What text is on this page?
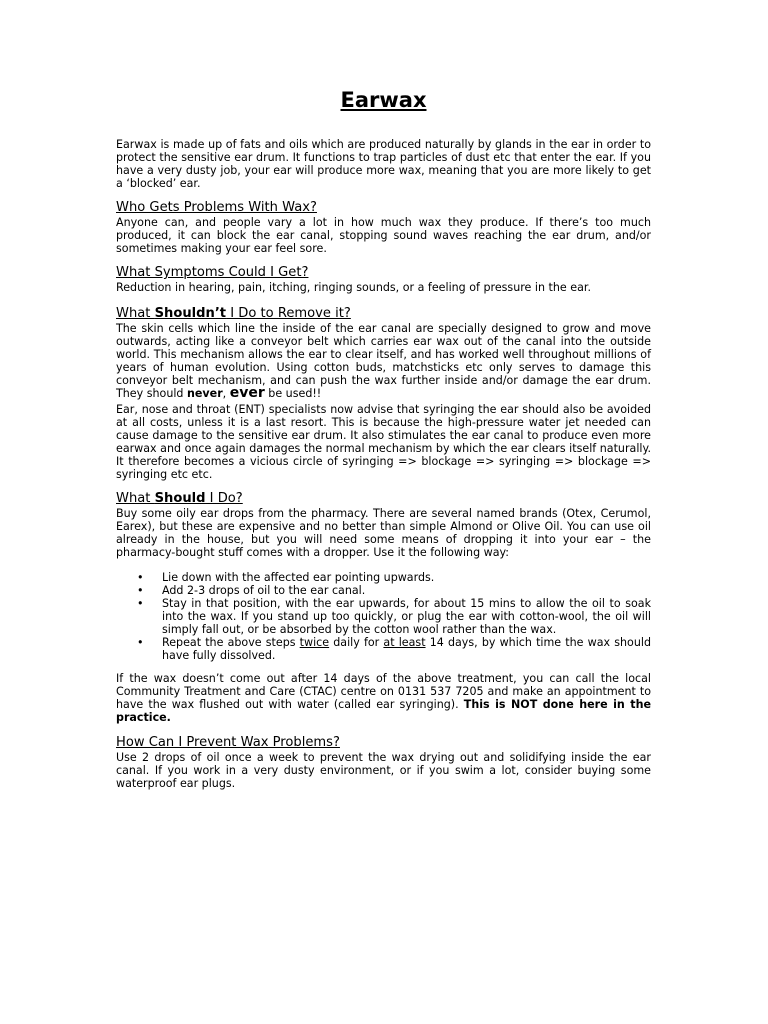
Earwax

Earwax is made up of fats and oils which are produced naturally by glands in the ear in order to protect the sensitive ear drum. It functions to trap particles of dust etc that enter the ear. If you have a very dusty job, your ear will produce more wax, meaning that you are more likely to get a ‘blocked’ ear.

Who Gets Problems With Wax?

Anyone can, and people vary a lot in how much wax they produce. If there’s too much produced, it can block the ear canal, stopping sound waves reaching the ear drum, and/or sometimes making your ear feel sore.

What Symptoms Could I Get?

Reduction in hearing, pain, itching, ringing sounds, or a feeling of pressure in the ear.

What Shouldn’t I Do to Remove it?

The skin cells which line the inside of the ear canal are specially designed to grow and move outwards, acting like a conveyor belt which carries ear wax out of the canal into the outside world. This mechanism allows the ear to clear itself, and has worked well throughout millions of years of human evolution. Using cotton buds, matchsticks etc only serves to damage this conveyor belt mechanism, and can push the wax further inside and/or damage the ear drum. They should never, ever be used!!

Ear, nose and throat (ENT) specialists now advise that syringing the ear should also be avoided at all costs, unless it is a last resort. This is because the high-pressure water jet needed can cause damage to the sensitive ear drum. It also stimulates the ear canal to produce even more earwax and once again damages the normal mechanism by which the ear clears itself naturally. It therefore becomes a vicious circle of syringing => blockage => syringing => blockage => syringing etc etc.

What Should I Do?

Buy some oily ear drops from the pharmacy. There are several named brands (Otex, Cerumol, Earex), but these are expensive and no better than simple Almond or Olive Oil. You can use oil already in the house, but you will need some means of dropping it into your ear – the pharmacy-bought stuff comes with a dropper. Use it the following way:

• Lie down with the affected ear pointing upwards.
• Add 2-3 drops of oil to the ear canal.
• Stay in that position, with the ear upwards, for about 15 mins to allow the oil to soak into the wax. If you stand up too quickly, or plug the ear with cotton-wool, the oil will simply fall out, or be absorbed by the cotton wool rather than the wax.
• Repeat the above steps twice daily for at least 14 days, by which time the wax should have fully dissolved.

If the wax doesn’t come out after 14 days of the above treatment, you can call the local Community Treatment and Care (CTAC) centre on 0131 537 7205 and make an appointment to have the wax flushed out with water (called ear syringing). This is NOT done here in the practice.

How Can I Prevent Wax Problems?

Use 2 drops of oil once a week to prevent the wax drying out and solidifying inside the ear canal. If you work in a very dusty environment, or if you swim a lot, consider buying some waterproof ear plugs.
